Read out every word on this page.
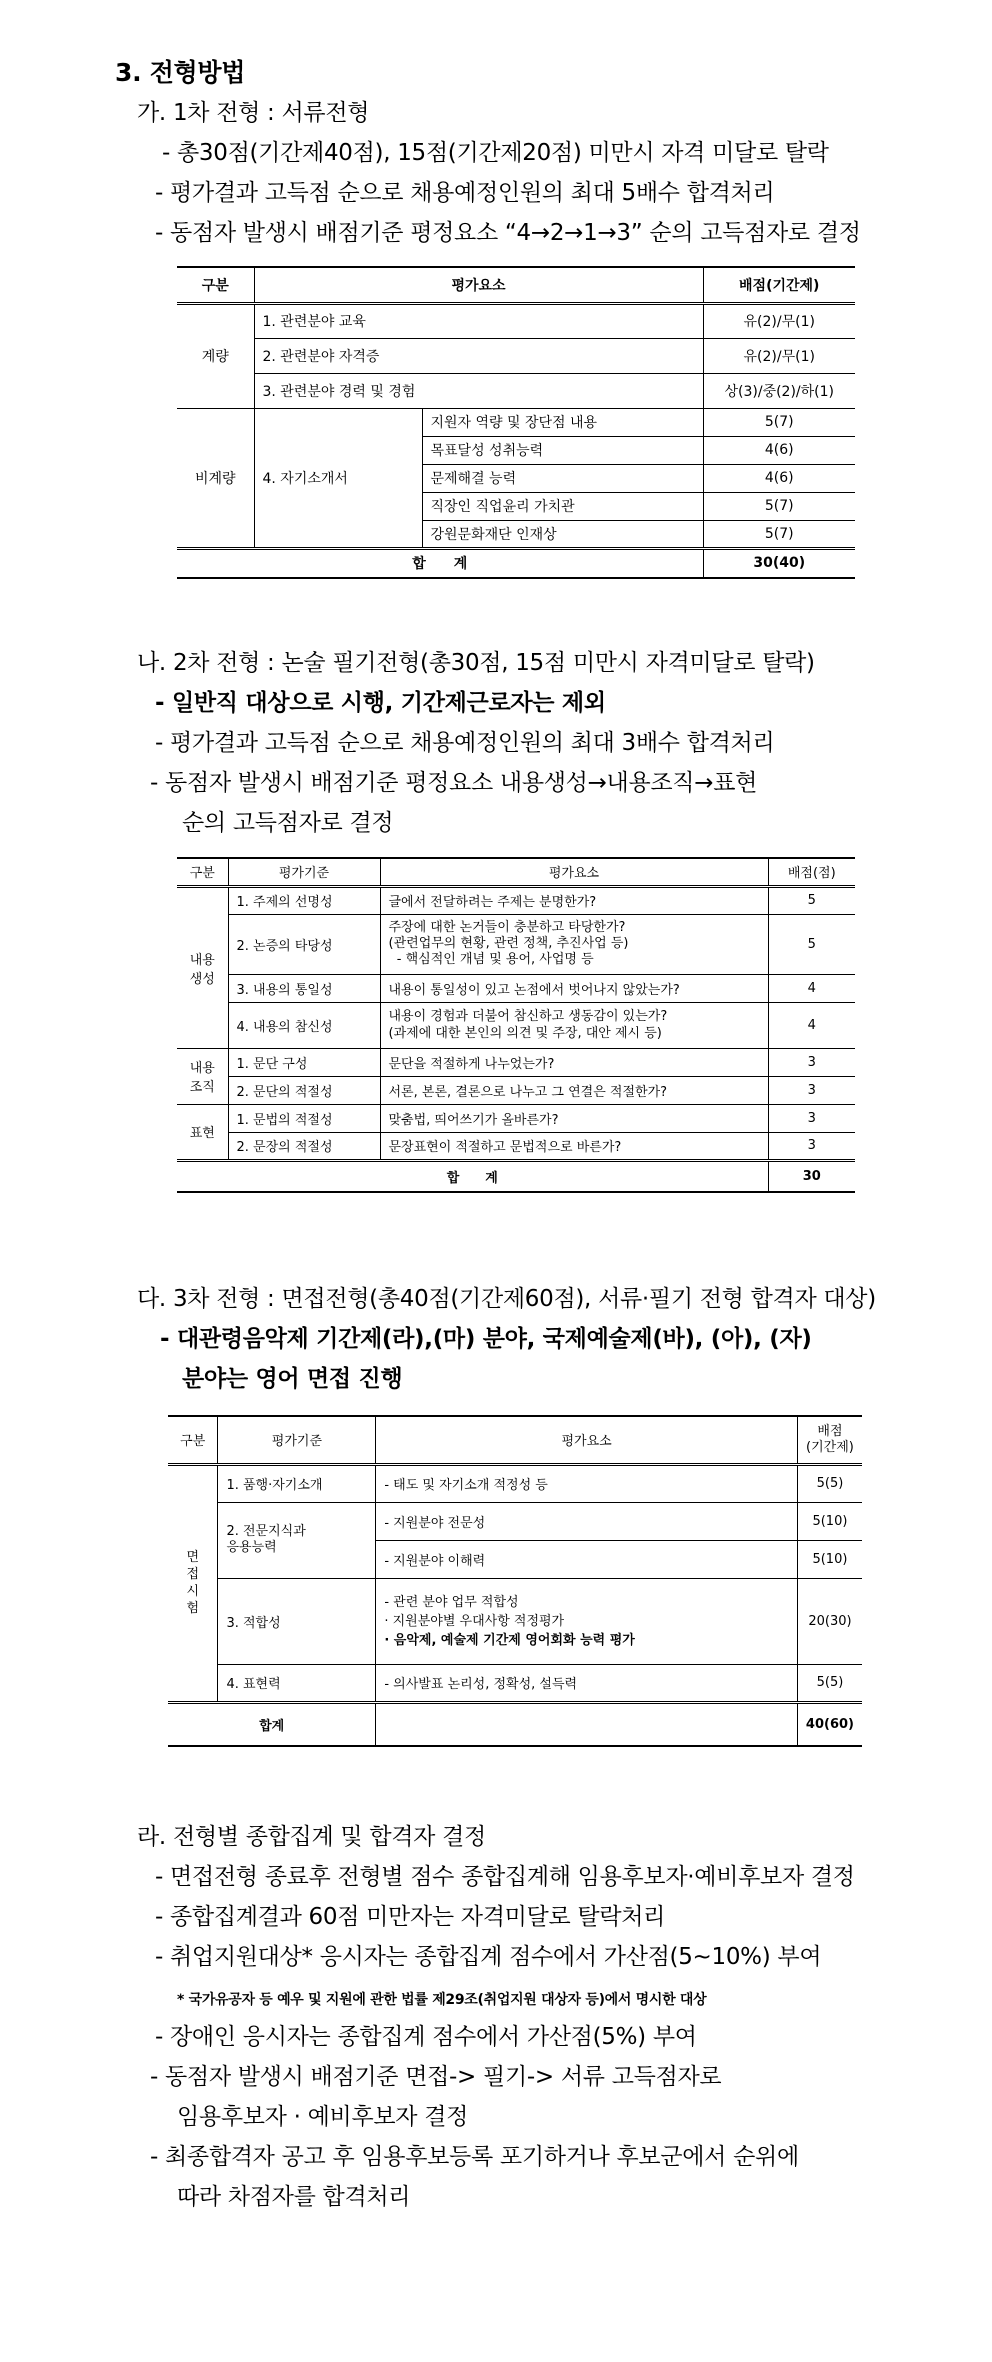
3. 전형방법
가. 1차 전형 : 서류전형
- 총30점(기간제40점), 15점(기간제20점) 미만시 자격 미달로 탈락
- 평가결과 고득점 순으로 채용예정인원의 최대 5배수 합격처리
- 동점자 발생시 배점기준 평정요소 “4→2→1→3” 순의 고득점자로 결정
구분	평가요소		배점(기간제)
계량	1. 관련분야 교육		유(2)/무(1)
	2. 관련분야 자격증		유(2)/무(1)
	3. 관련분야 경력 및 경험		상(3)/중(2)/하(1)
비계량	4. 자기소개서	지원자 역량 및 장단점 내용	5(7)
		목표달성 성취능력	4(6)
		문제해결 능력	4(6)
		직장인 직업윤리 가치관	5(7)
		강원문화재단 인재상	5(7)
합　　계			30(40)
나. 2차 전형 : 논술 필기전형(총30점, 15점 미만시 자격미달로 탈락)
- 일반직 대상으로 시행, 기간제근로자는 제외
- 평가결과 고득점 순으로 채용예정인원의 최대 3배수 합격처리
- 동점자 발생시 배점기준 평정요소 내용생성→내용조직→표현
순의 고득점자로 결정
구분	평가기준	평가요소	배점(점)
내용
생성	1. 주제의 선명성	글에서 전달하려는 주제는 분명한가?	5
	2. 논증의 타당성	주장에 대한 논거들이 충분하고 타당한가?
(관련업무의 현황, 관련 정책, 추진사업 등)
- 핵심적인 개념 및 용어, 사업명 등	5
	3. 내용의 통일성	내용이 통일성이 있고 논점에서 벗어나지 않았는가?	4
	4. 내용의 참신성	내용이 경험과 더불어 참신하고 생동감이 있는가?
(과제에 대한 본인의 의견 및 주장, 대안 제시 등)	4
내용
조직	1. 문단 구성	문단을 적절하게 나누었는가?	3
	2. 문단의 적절성	서론, 본론, 결론으로 나누고 그 연결은 적절한가?	3
표현	1. 문법의 적절성	맞춤법, 띄어쓰기가 올바른가?	3
	2. 문장의 적절성	문장표현이 적절하고 문법적으로 바른가?	3
합　　계			30
다. 3차 전형 : 면접전형(총40점(기간제60점), 서류·필기 전형 합격자 대상)
- 대관령음악제 기간제(라),(마) 분야, 국제예술제(바), (아), (자)
분야는 영어 면접 진행
구분	평가기준	평가요소	배점
(기간제)
면
접
시
험	1. 품행·자기소개	- 태도 및 자기소개 적정성 등	5(5)
	2. 전문지식과
응용능력	- 지원분야 전문성	5(10)
		- 지원분야 이해력	5(10)
	3. 적합성	- 관련 분야 업무 적합성
· 지원분야별 우대사항 적정평가
· 음악제, 예술제 기간제 영어회화 능력 평가	20(30)
	4. 표현력	- 의사발표 논리성, 정확성, 설득력	5(5)
합계			40(60)
라. 전형별 종합집계 및 합격자 결정
- 면접전형 종료후 전형별 점수 종합집계해 임용후보자·예비후보자 결정
- 종합집계결과 60점 미만자는 자격미달로 탈락처리
- 취업지원대상* 응시자는 종합집계 점수에서 가산점(5~10%) 부여
* 국가유공자 등 예우 및 지원에 관한 법률 제29조(취업지원 대상자 등)에서 명시한 대상
- 장애인 응시자는 종합집계 점수에서 가산점(5%) 부여
- 동점자 발생시 배점기준 면접-> 필기-> 서류 고득점자로
임용후보자 · 예비후보자 결정
- 최종합격자 공고 후 임용후보등록 포기하거나 후보군에서 순위에
따라 차점자를 합격처리
